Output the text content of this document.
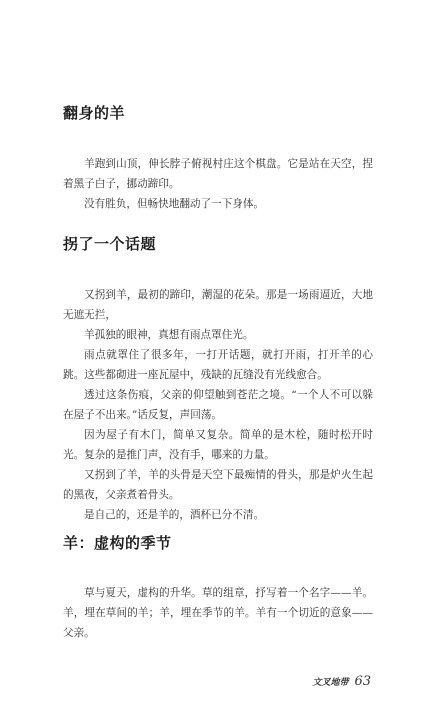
翻身的羊

羊跑到山顶，伸长脖子俯视村庄这个棋盘。它是站在天空，捏着黑子白子，挪动蹄印。

没有胜负，但畅快地翻动了一下身体。

拐了一个话题

又拐到羊，最初的蹄印，潮湿的花朵。那是一场雨逼近，大地无遮无拦，

羊孤独的眼神，真想有雨点罩住光。

雨点就罩住了很多年，一打开话题，就打开雨，打开羊的心跳。这些都砌进一座瓦屋中，残缺的瓦缝没有光线愈合。

透过这条伤痕，父亲的仰望触到苍茫之境。“一个人不可以躲在屋子不出来。”话反复，声回荡。

因为屋子有木门，简单又复杂。简单的是木栓，随时松开时光。复杂的是推门声，没有手，哪来的力量。

又拐到了羊，羊的头骨是天空下最痴情的骨头，那是炉火生起的黑夜，父亲煮着骨头。

是自己的，还是羊的，酒杯已分不清。

羊：虚构的季节

草与夏天，虚构的升华。草的组章，抒写着一个名字——羊。羊，埋在草间的羊；羊，埋在季节的羊。羊有一个切近的意象——父亲。

文叉地带 63
